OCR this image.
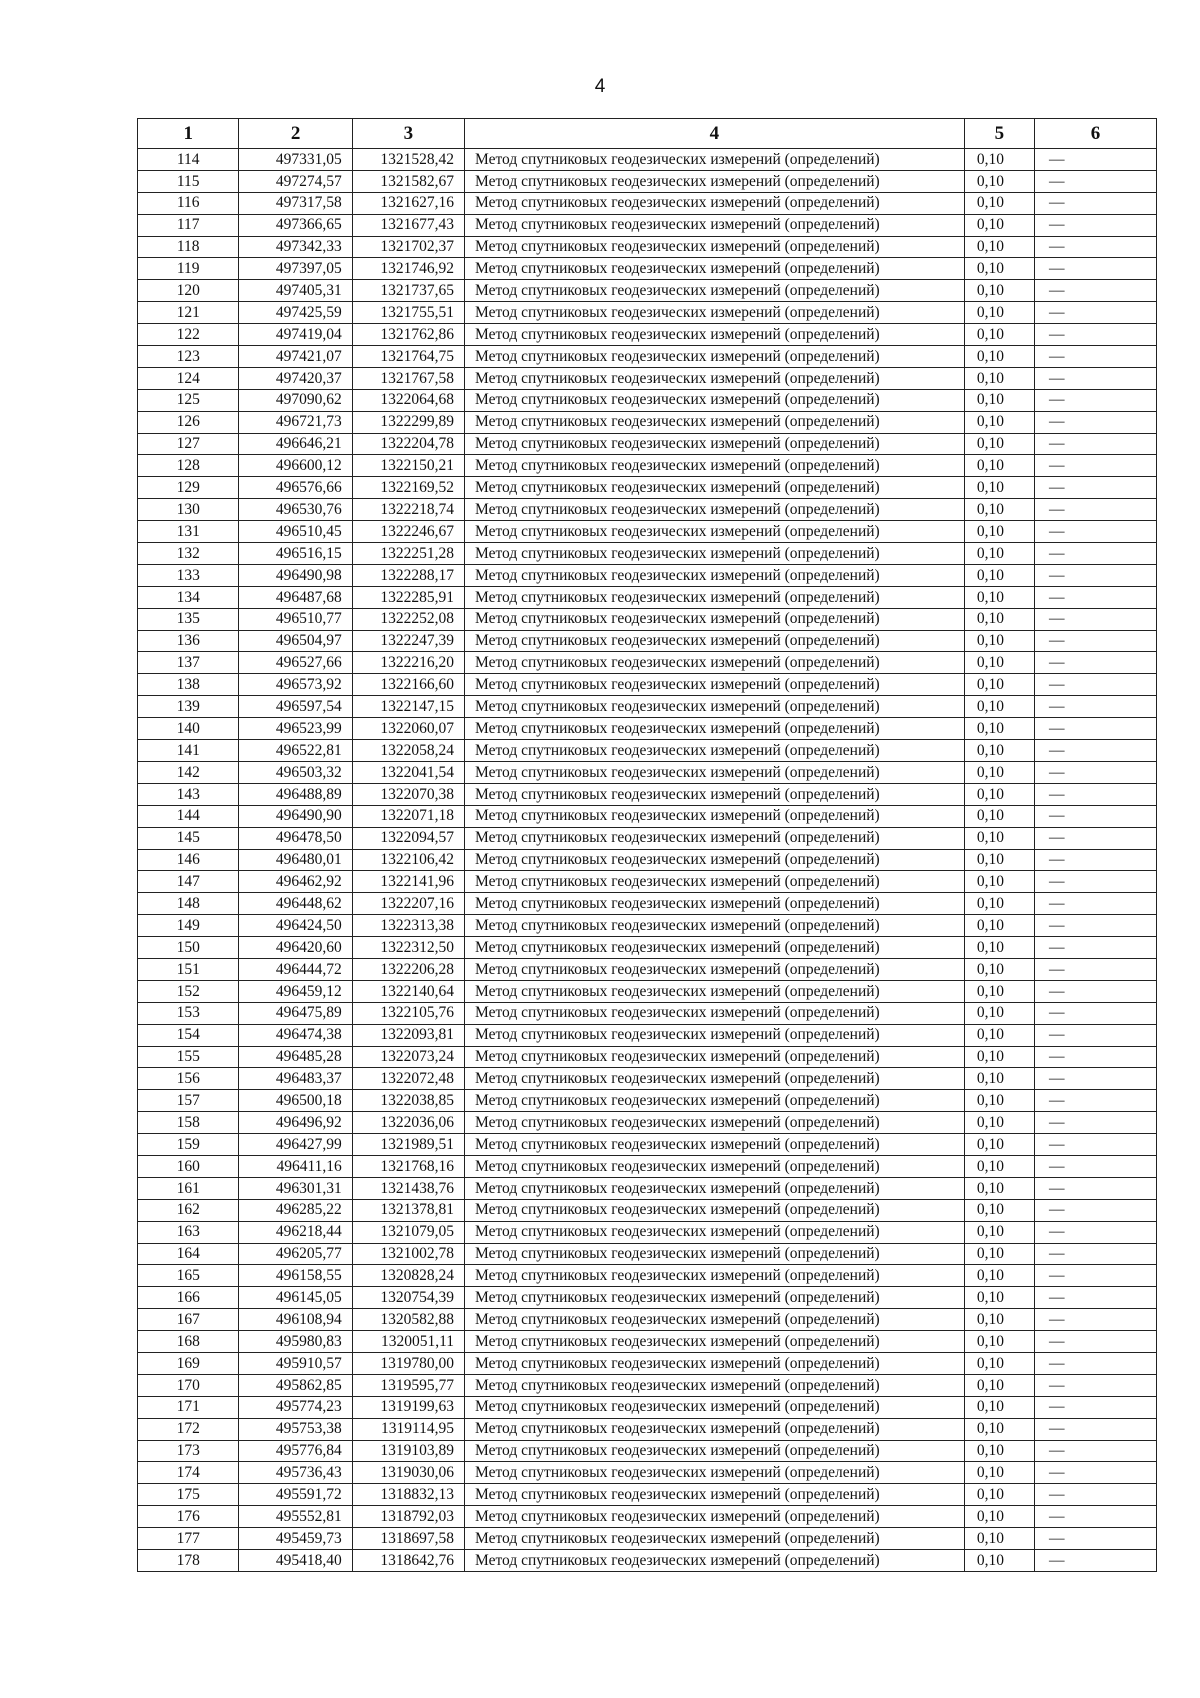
4
1	2	3	4	5	6
114	497331,05	1321528,42	Метод спутниковых геодезических измерений (определений)	0,10	—
115	497274,57	1321582,67	Метод спутниковых геодезических измерений (определений)	0,10	—
116	497317,58	1321627,16	Метод спутниковых геодезических измерений (определений)	0,10	—
117	497366,65	1321677,43	Метод спутниковых геодезических измерений (определений)	0,10	—
118	497342,33	1321702,37	Метод спутниковых геодезических измерений (определений)	0,10	—
119	497397,05	1321746,92	Метод спутниковых геодезических измерений (определений)	0,10	—
120	497405,31	1321737,65	Метод спутниковых геодезических измерений (определений)	0,10	—
121	497425,59	1321755,51	Метод спутниковых геодезических измерений (определений)	0,10	—
122	497419,04	1321762,86	Метод спутниковых геодезических измерений (определений)	0,10	—
123	497421,07	1321764,75	Метод спутниковых геодезических измерений (определений)	0,10	—
124	497420,37	1321767,58	Метод спутниковых геодезических измерений (определений)	0,10	—
125	497090,62	1322064,68	Метод спутниковых геодезических измерений (определений)	0,10	—
126	496721,73	1322299,89	Метод спутниковых геодезических измерений (определений)	0,10	—
127	496646,21	1322204,78	Метод спутниковых геодезических измерений (определений)	0,10	—
128	496600,12	1322150,21	Метод спутниковых геодезических измерений (определений)	0,10	—
129	496576,66	1322169,52	Метод спутниковых геодезических измерений (определений)	0,10	—
130	496530,76	1322218,74	Метод спутниковых геодезических измерений (определений)	0,10	—
131	496510,45	1322246,67	Метод спутниковых геодезических измерений (определений)	0,10	—
132	496516,15	1322251,28	Метод спутниковых геодезических измерений (определений)	0,10	—
133	496490,98	1322288,17	Метод спутниковых геодезических измерений (определений)	0,10	—
134	496487,68	1322285,91	Метод спутниковых геодезических измерений (определений)	0,10	—
135	496510,77	1322252,08	Метод спутниковых геодезических измерений (определений)	0,10	—
136	496504,97	1322247,39	Метод спутниковых геодезических измерений (определений)	0,10	—
137	496527,66	1322216,20	Метод спутниковых геодезических измерений (определений)	0,10	—
138	496573,92	1322166,60	Метод спутниковых геодезических измерений (определений)	0,10	—
139	496597,54	1322147,15	Метод спутниковых геодезических измерений (определений)	0,10	—
140	496523,99	1322060,07	Метод спутниковых геодезических измерений (определений)	0,10	—
141	496522,81	1322058,24	Метод спутниковых геодезических измерений (определений)	0,10	—
142	496503,32	1322041,54	Метод спутниковых геодезических измерений (определений)	0,10	—
143	496488,89	1322070,38	Метод спутниковых геодезических измерений (определений)	0,10	—
144	496490,90	1322071,18	Метод спутниковых геодезических измерений (определений)	0,10	—
145	496478,50	1322094,57	Метод спутниковых геодезических измерений (определений)	0,10	—
146	496480,01	1322106,42	Метод спутниковых геодезических измерений (определений)	0,10	—
147	496462,92	1322141,96	Метод спутниковых геодезических измерений (определений)	0,10	—
148	496448,62	1322207,16	Метод спутниковых геодезических измерений (определений)	0,10	—
149	496424,50	1322313,38	Метод спутниковых геодезических измерений (определений)	0,10	—
150	496420,60	1322312,50	Метод спутниковых геодезических измерений (определений)	0,10	—
151	496444,72	1322206,28	Метод спутниковых геодезических измерений (определений)	0,10	—
152	496459,12	1322140,64	Метод спутниковых геодезических измерений (определений)	0,10	—
153	496475,89	1322105,76	Метод спутниковых геодезических измерений (определений)	0,10	—
154	496474,38	1322093,81	Метод спутниковых геодезических измерений (определений)	0,10	—
155	496485,28	1322073,24	Метод спутниковых геодезических измерений (определений)	0,10	—
156	496483,37	1322072,48	Метод спутниковых геодезических измерений (определений)	0,10	—
157	496500,18	1322038,85	Метод спутниковых геодезических измерений (определений)	0,10	—
158	496496,92	1322036,06	Метод спутниковых геодезических измерений (определений)	0,10	—
159	496427,99	1321989,51	Метод спутниковых геодезических измерений (определений)	0,10	—
160	496411,16	1321768,16	Метод спутниковых геодезических измерений (определений)	0,10	—
161	496301,31	1321438,76	Метод спутниковых геодезических измерений (определений)	0,10	—
162	496285,22	1321378,81	Метод спутниковых геодезических измерений (определений)	0,10	—
163	496218,44	1321079,05	Метод спутниковых геодезических измерений (определений)	0,10	—
164	496205,77	1321002,78	Метод спутниковых геодезических измерений (определений)	0,10	—
165	496158,55	1320828,24	Метод спутниковых геодезических измерений (определений)	0,10	—
166	496145,05	1320754,39	Метод спутниковых геодезических измерений (определений)	0,10	—
167	496108,94	1320582,88	Метод спутниковых геодезических измерений (определений)	0,10	—
168	495980,83	1320051,11	Метод спутниковых геодезических измерений (определений)	0,10	—
169	495910,57	1319780,00	Метод спутниковых геодезических измерений (определений)	0,10	—
170	495862,85	1319595,77	Метод спутниковых геодезических измерений (определений)	0,10	—
171	495774,23	1319199,63	Метод спутниковых геодезических измерений (определений)	0,10	—
172	495753,38	1319114,95	Метод спутниковых геодезических измерений (определений)	0,10	—
173	495776,84	1319103,89	Метод спутниковых геодезических измерений (определений)	0,10	—
174	495736,43	1319030,06	Метод спутниковых геодезических измерений (определений)	0,10	—
175	495591,72	1318832,13	Метод спутниковых геодезических измерений (определений)	0,10	—
176	495552,81	1318792,03	Метод спутниковых геодезических измерений (определений)	0,10	—
177	495459,73	1318697,58	Метод спутниковых геодезических измерений (определений)	0,10	—
178	495418,40	1318642,76	Метод спутниковых геодезических измерений (определений)	0,10	—
